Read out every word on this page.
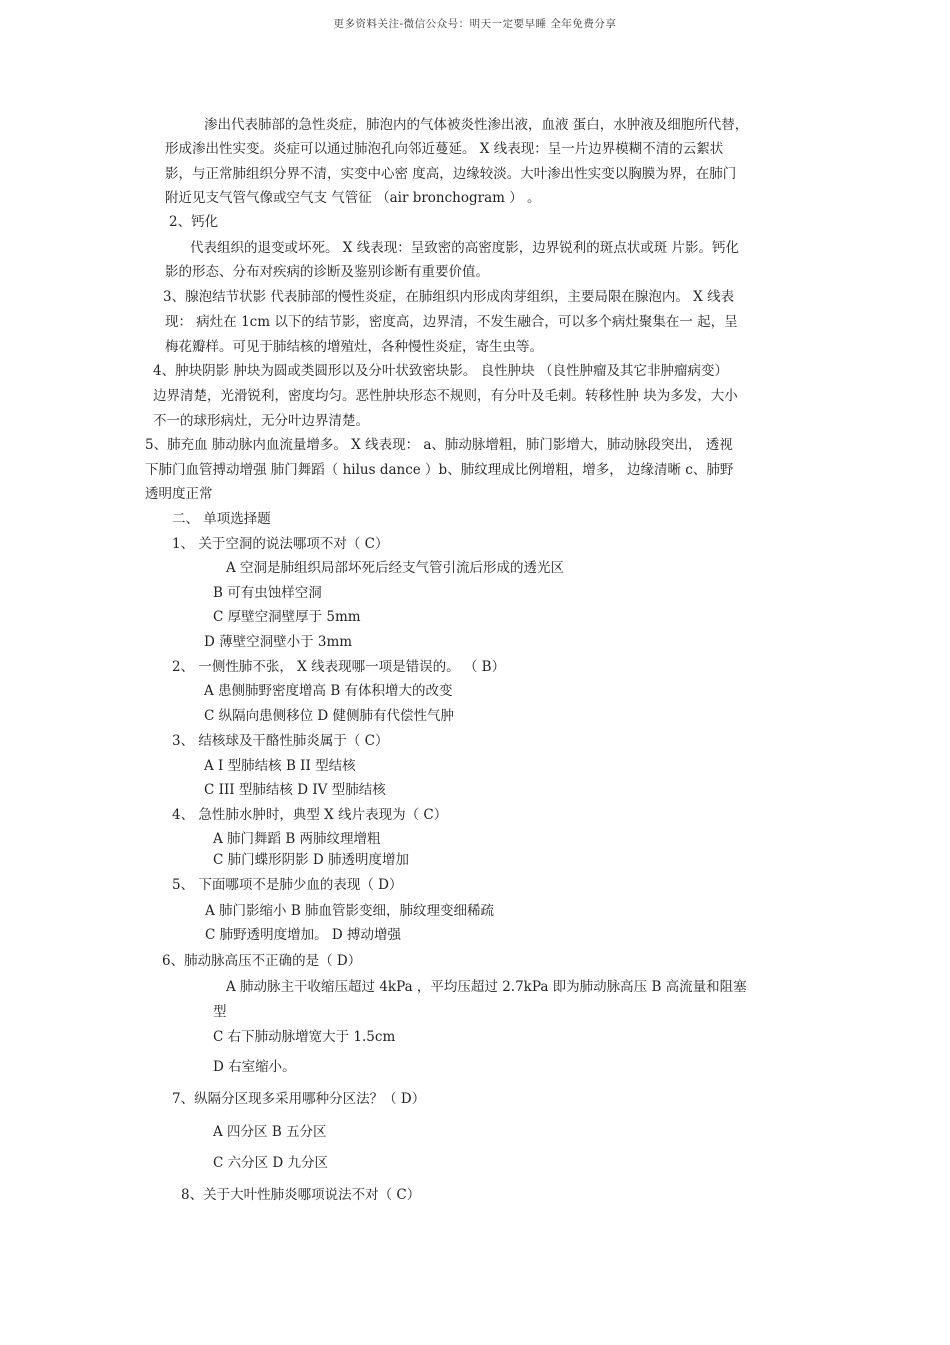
更多资料关注-微信公众号：明天一定要早睡 全年免费分享
渗出代表肺部的急性炎症，肺泡内的气体被炎性渗出液，血液 蛋白，水肿液及细胞所代替，
形成渗出性实变。炎症可以通过肺泡孔向邻近蔓延。 X 线表现：呈一片边界模糊不清的云絮状
影，与正常肺组织分界不清，实变中心密 度高，边缘较淡。大叶渗出性实变以胸膜为界，在肺门
附近见支气管气像或空气支 气管征 （air bronchogram ） 。
2、钙化
代表组织的退变或坏死。 X 线表现：呈致密的高密度影，边界锐利的斑点状或斑 片影。钙化
影的形态、分布对疾病的诊断及鉴别诊断有重要价值。
3、腺泡结节状影 代表肺部的慢性炎症，在肺组织内形成肉芽组织，主要局限在腺泡内。 X 线表
现： 病灶在 1cm 以下的结节影，密度高，边界清，不发生融合，可以多个病灶聚集在一 起，呈
梅花瓣样。可见于肺结核的增殖灶，各种慢性炎症，寄生虫等。
4、肿块阴影 肿块为圆或类圆形以及分叶状致密块影。 良性肿块 （良性肿瘤及其它非肿瘤病变）
边界清楚，光滑锐利，密度均匀。恶性肿块形态不规则，有分叶及毛刺。转移性肿 块为多发，大小
不一的球形病灶，无分叶边界清楚。
5、肺充血 肺动脉内血流量增多。 X 线表现： a、肺动脉增粗，肺门影增大，肺动脉段突出， 透视
下肺门血管搏动增强 肺门舞蹈（ hilus dance ）b、肺纹理成比例增粗，增多， 边缘清晰 c、肺野
透明度正常
二、 单项选择题
1、 关于空洞的说法哪项不对（ C）
A 空洞是肺组织局部坏死后经支气管引流后形成的透光区
B 可有虫蚀样空洞
C 厚壁空洞壁厚于 5mm
D 薄壁空洞壁小于 3mm
2、 一侧性肺不张， X 线表现哪一项是错误的。 （ B）
A 患侧肺野密度增高 B 有体积增大的改变
C 纵隔向患侧移位 D 健侧肺有代偿性气肿
3、 结核球及干酪性肺炎属于（ C）
A I 型肺结核 B II 型结核
C III 型肺结核 D IV 型肺结核
4、 急性肺水肿时，典型 X 线片表现为（ C）
A 肺门舞蹈 B 两肺纹理增粗
C 肺门蝶形阴影 D 肺透明度增加
5、 下面哪项不是肺少血的表现（ D）
A 肺门影缩小 B 肺血管影变细，肺纹理变细稀疏
C 肺野透明度增加。 D 搏动增强
6、肺动脉高压不正确的是（ D）
A 肺动脉主干收缩压超过 4kPa ，平均压超过 2.7kPa 即为肺动脉高压 B 高流量和阻塞
型
C 右下肺动脉增宽大于 1.5cm
D 右室缩小。
7、纵隔分区现多采用哪种分区法？（ D）
A 四分区 B 五分区
C 六分区 D 九分区
8、关于大叶性肺炎哪项说法不对（ C）
